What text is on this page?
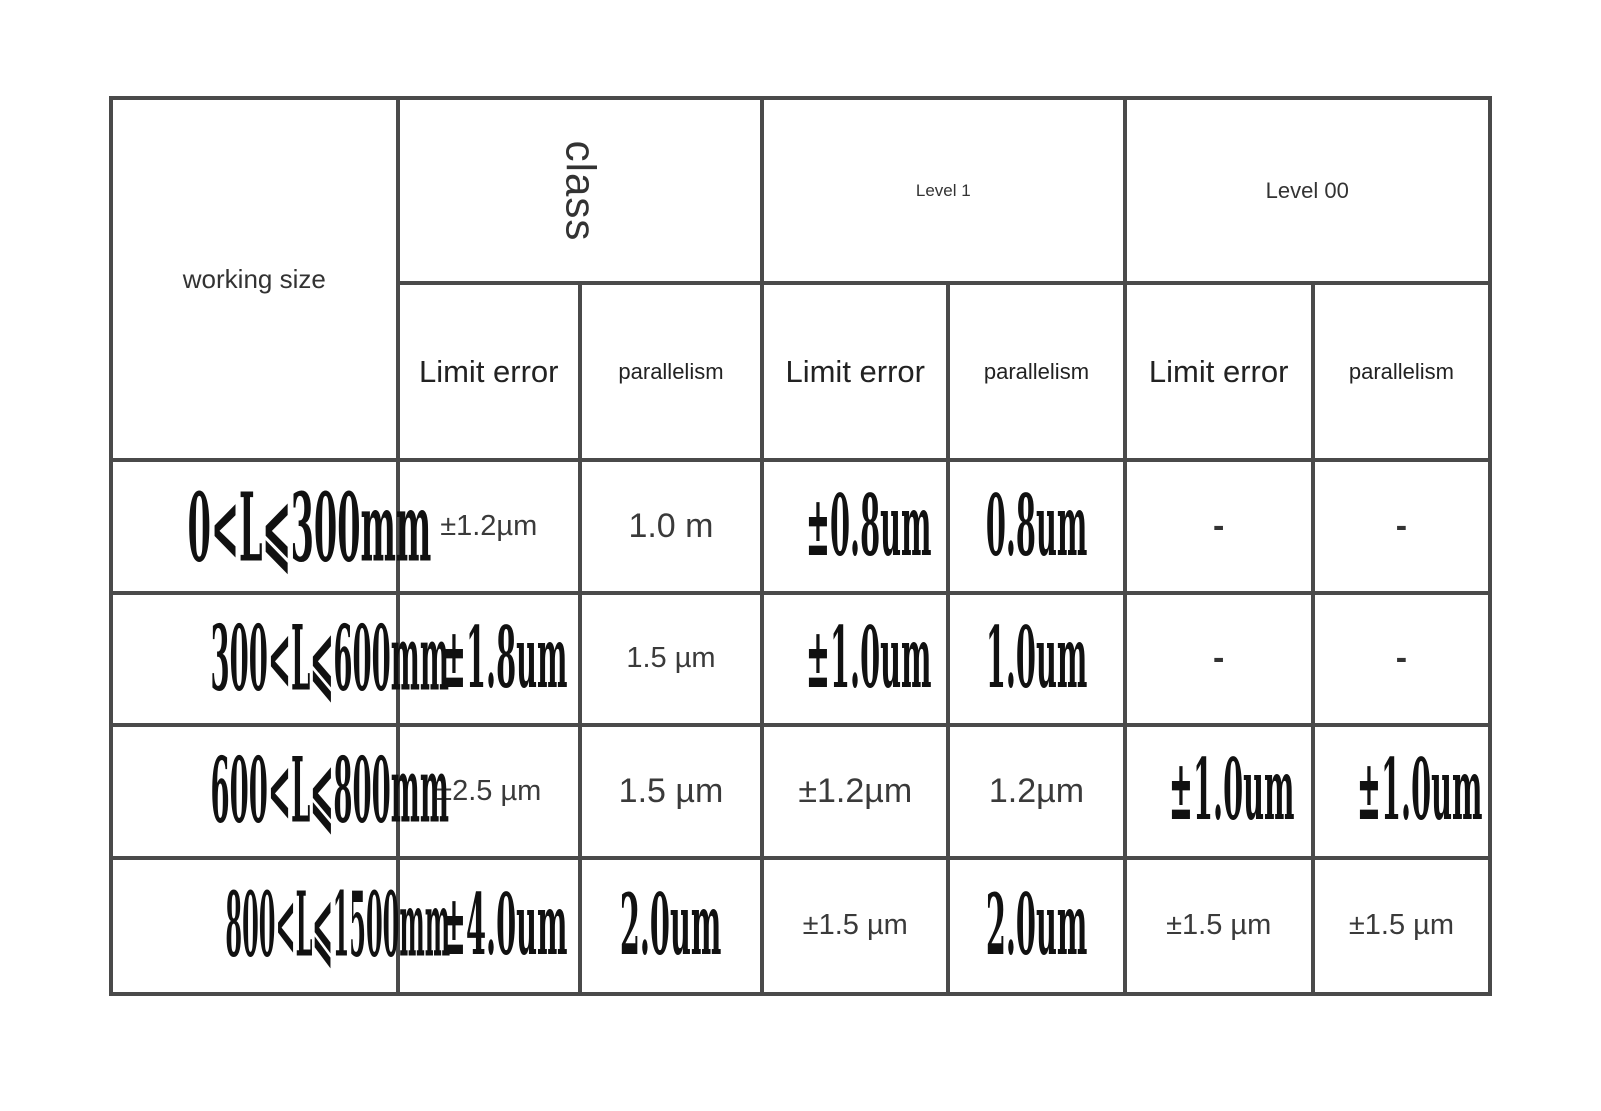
working size	class		Level 1		Level 00	
	Limit error	parallelism	Limit error	parallelism	Limit error	parallelism
0<L⩽300mm	±1.2µm	1.0 m	±0.8um	0.8um	-	-
300<L⩽600mm	±1.8um	1.5 µm	±1.0um	1.0um	-	-
600<L⩽800mm	±2.5 µm	1.5 µm	±1.2µm	1.2µm	±1.0um	±1.0um
800<L⩽1500mm	±4.0um	2.0um	±1.5 µm	2.0um	±1.5 µm	±1.5 µm
